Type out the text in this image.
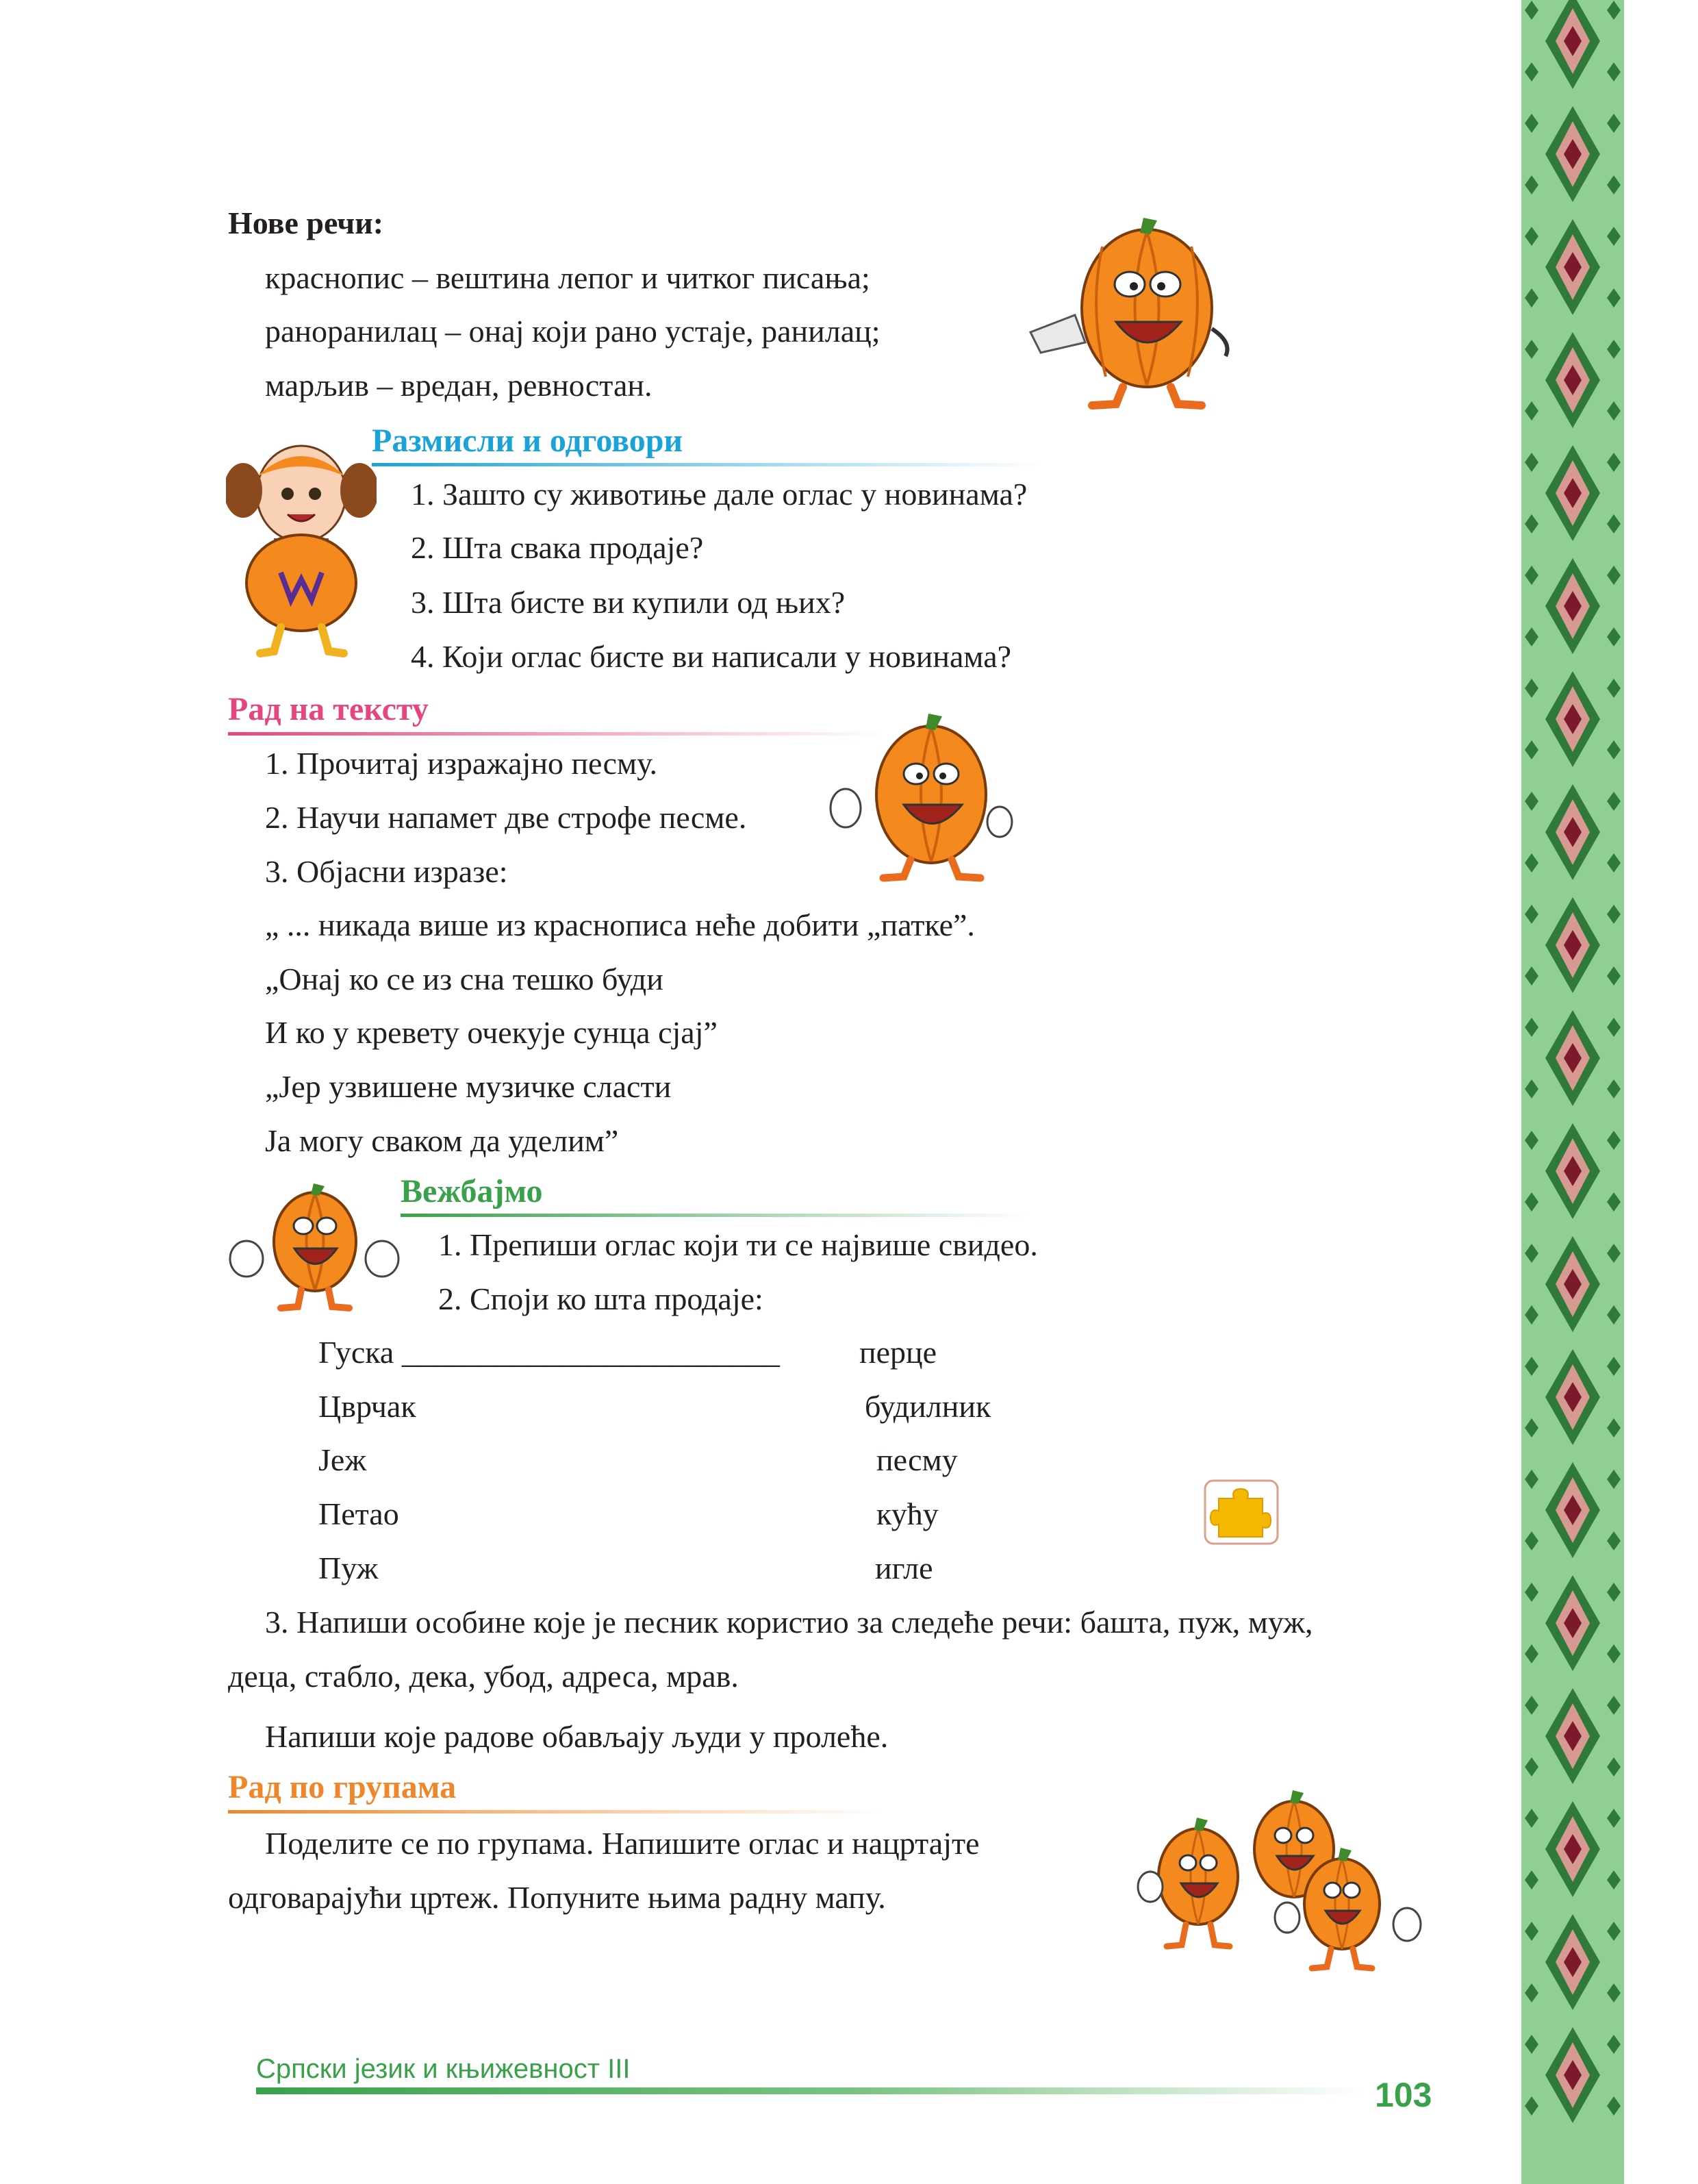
Нове речи:
краснопис – вештина лепог и читког писања;
раноранилац – онај који рано устаје, ранилац;
марљив – вредан, ревностан.
Размисли и одговори
1. Зашто су животиње дале оглас у новинама?
2. Шта свака продаје?
3. Шта бисте ви купили од њих?
4. Који оглас бисте ви написали у новинама?
Рад на тексту
1. Прочитај изражајно песму.
2. Научи напамет две строфе песме.
3. Објасни изразе:
„ ... никада више из краснописа неће добити „патке”.
„Онај ко се из сна тешко буди
И ко у кревету очекује сунца сјај”
„Јер узвишене музичке сласти
Ја могу сваком да уделим”
Вежбајмо
1. Препиши оглас који ти се највише свидео.
2. Споји ко шта продаје:
Гуска ________________________
Цврчак
Јеж
Петао
Пуж
перце
будилник
песму
кућу
игле
3. Напиши особине које је песник користио за следеће речи: башта, пуж, муж,
деца, стабло, дека, убод, адреса, мрав.
Напиши које радове обављају људи у пролеће.
Рад по групама
Поделите се по групама. Напишите оглас и нацртајте
одговарајући цртеж. Попуните њима радну мапу.
Српски језик и књижевност III
103
